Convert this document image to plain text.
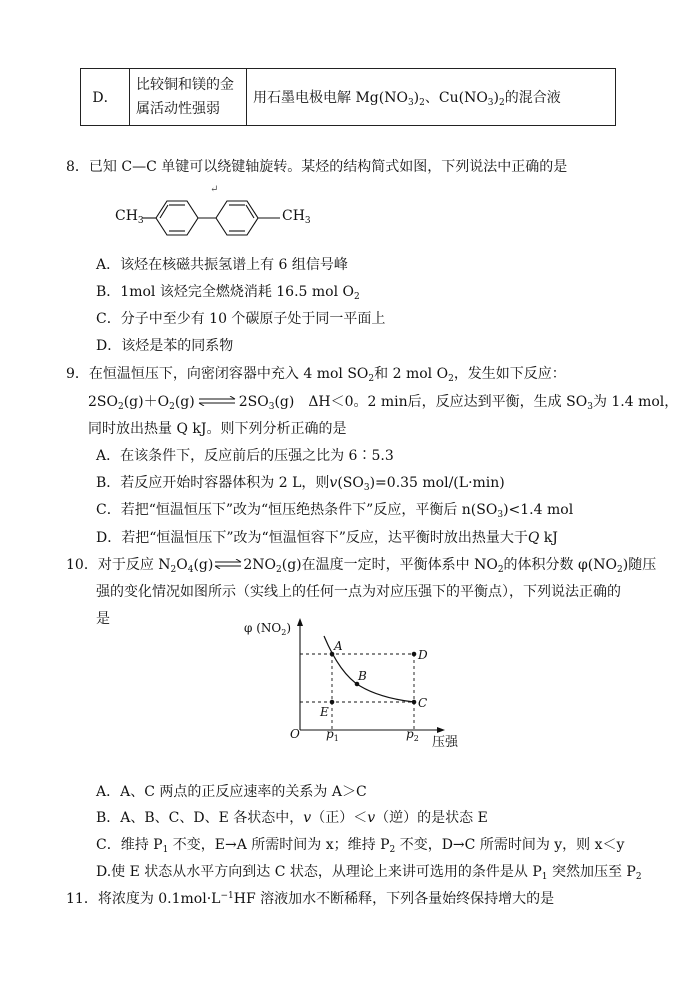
D．	比较铜和镁的金属活动性强弱	用石墨电极电解 $Mg(NO_3)_2$、$Cu(NO_3)_2$的混合液
8．已知 C—C 单键可以绕键轴旋转。某烃的结构简式如图，下列说法中正确的是
↵
$CH_3$	$CH_3$
A．该烃在核磁共振氢谱上有 6 组信号峰
B．1mol 该烃完全燃烧消耗 16.5 mol $O_2$
C．分子中至少有 10 个碳原子处于同一平面上
D．该烃是苯的同系物
9．在恒温恒压下，向密闭容器中充入 4 mol $SO_2$和 2 mol $O_2$，发生如下反应：
$2SO_2(g)+O_2(g)\rightleftharpoons 2SO_3(g)$　ΔH＜0。2 min后，反应达到平衡，生成 $SO_3$为 1.4 mol，
同时放出热量 Q kJ。则下列分析正确的是
A．在该条件下，反应前后的压强之比为 6∶5.3
B．若反应开始时容器体积为 2 L，则$v(SO_3)=0.35$ mol/(L·min)
C．若把“恒温恒压下”改为“恒压绝热条件下”反应，平衡后 $n(SO_3)<1.4$ mol
D．若把“恒温恒压下”改为“恒温恒容下”反应，达平衡时放出热量大于Q kJ
10．对于反应 $N_2O_4(g)\rightleftharpoons 2NO_2(g)$在温度一定时，平衡体系中 $NO_2$的体积分数 $\varphi(NO_2)$随压
强的变化情况如图所示（实线上的任何一点为对应压强下的平衡点），下列说法正确的
是
A
B
C
D
E
O $p_1$	$p_2$
φ $(NO_2)$
压强
A．A、C 两点的正反应速率的关系为 A＞C
B．A、B、C、D、E 各状态中，v（正）＜v（逆）的是状态 E
C．维持 $P_1$ 不变，E→A 所需时间为 x；维持 $P_2$ 不变，D→C 所需时间为 y，则 x＜y
D.使 E 状态从水平方向到达 C 状态，从理论上来讲可选用的条件是从 $P_1$ 突然加压至 $P_2$
11．将浓度为 $0.1mol\cdot L^{-1}HF$ 溶液加水不断稀释，下列各量始终保持增大的是
